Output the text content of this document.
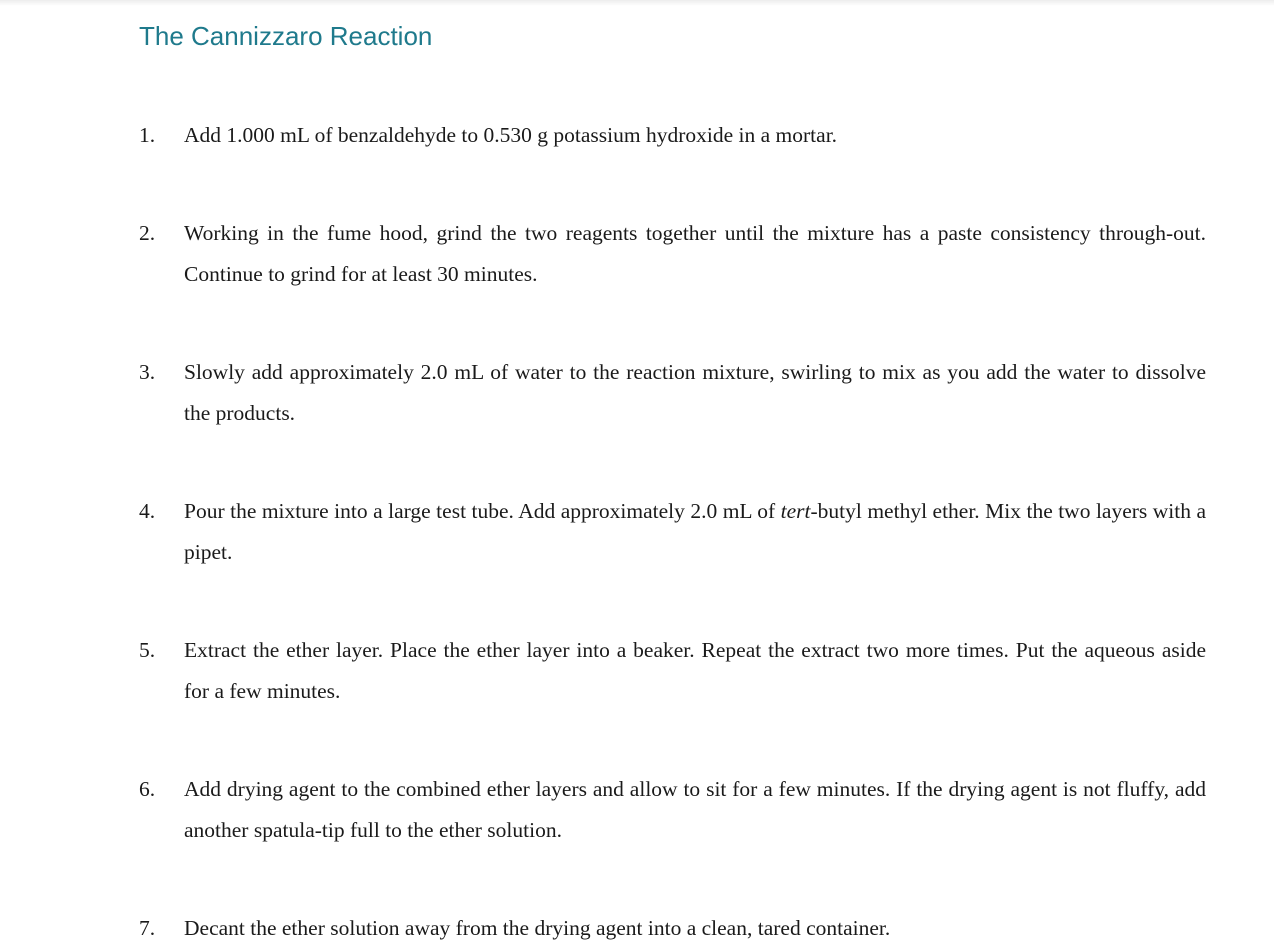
The Cannizzaro Reaction
1.	Add 1.000 mL of benzaldehyde to 0.530 g potassium hydroxide in a mortar.
2.	Working in the fume hood, grind the two reagents together until the mixture has a paste consistency through-out. Continue to grind for at least 30 minutes.
3.	Slowly add approximately 2.0 mL of water to the reaction mixture, swirling to mix as you add the water to dissolve the products.
4.	Pour the mixture into a large test tube. Add approximately 2.0 mL of tert-butyl methyl ether. Mix the two layers with a pipet.
5.	Extract the ether layer. Place the ether layer into a beaker. Repeat the extract two more times. Put the aqueous aside for a few minutes.
6.	Add drying agent to the combined ether layers and allow to sit for a few minutes. If the drying agent is not fluffy, add another spatula-tip full to the ether solution.
7.	Decant the ether solution away from the drying agent into a clean, tared container.
